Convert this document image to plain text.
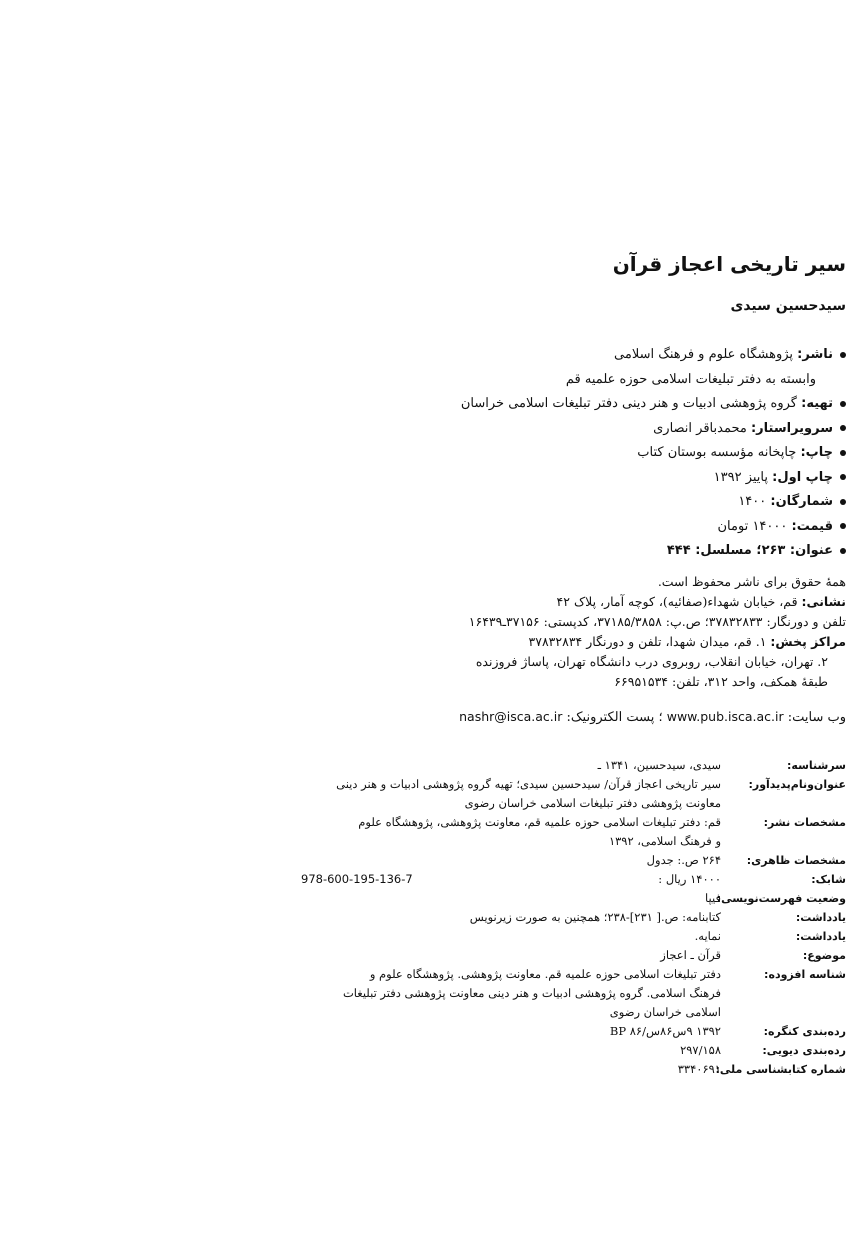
سیر تاریخی اعجاز قرآن
سید‌حسین سیدی
ناشر: پژوهشگاه علوم و فرهنگ اسلامی
وابسته به دفتر تبلیغات اسلامی حوزه علمیه قم
تهیه: گروه پژوهشی ادبیات و هنر دینی دفتر تبلیغات اسلامی خراسان
سرویراستار: محمدباقر انصاری
چاپ: چاپخانه مؤسسه بوستان کتاب
چاپ اول: پاییز ۱۳۹۲
شمارگان: ۱۴۰۰
قیمت: ۱۴۰۰۰ تومان
عنوان: ۲۶۳؛ مسلسل: ۴۴۴
همهٔ حقوق برای ناشر محفوظ است.
نشانی: قم، خیابان شهداء(صفائیه)، کوچه آمار، پلاک ۴۲
تلفن و دورنگار: ۳۷۸۳۲۸۳۳؛ ص.پ: ۳۷۱۸۵/۳۸۵۸، کدپستی: ۳۷۱۵۶ـ۱۶۴۳۹
مراکز پخش: ۱. قم، میدان شهدا، تلفن و دورنگار ۳۷۸۳۲۸۳۴
۲. تهران، خیابان انقلاب، روبروی درب دانشگاه تهران، پاساژ فروزنده
طبقهٔ همکف، واحد ۳۱۲، تلفن: ۶۶۹۵۱۵۳۴
وب سایت: www.pub.isca.ac.ir ؛ پست الکترونیک: nashr@isca.ac.ir
سرشناسه:
سیدی، سیدحسین، ۱۳۴۱ ـ
عنوان‌ونام‌پدیدآور:
سیر تاریخی اعجاز قرآن/ سید‌حسین سیدی؛ تهیه گروه پژوهشی ادبیات و هنر دینی
معاونت پژوهشی دفتر تبلیغات اسلامی خراسان رضوی
مشخصات نشر:
قم: دفتر تبلیغات اسلامی حوزه علمیه قم، معاونت پژوهشی، پژوهشگاه علوم
و فرهنگ اسلامی، ۱۳۹۲
مشخصات ظاهری:
۲۶۴ ص.: جدول
شابک:
۱۴۰۰۰ ریال :
978-600-195-136-7
وضعیت فهرست‌نویسی:
فیپا
یادداشت:
کتابنامه: ص.[ ۲۳۱]-۲۳۸؛ همچنین به صورت زیرنویس
یادداشت:
نمایه.
موضوع:
قرآن ـ اعجاز
شناسه افزوده:
دفتر تبلیغات اسلامی حوزه علمیه قم. معاونت پژوهشی. پژوهشگاه علوم و
فرهنگ اسلامی. گروه پژوهشی ادبیات و هنر دینی معاونت پژوهشی دفتر تبلیغات
اسلامی خراسان رضوی
رده‌بندی کنگره:
۱۳۹۲ ۹س۸۶س/۸۶ BP
رده‌بندی دیویی:
۲۹۷/۱۵۸
شماره کتابشناسی ملی:
۳۳۴۰۶۹۱
